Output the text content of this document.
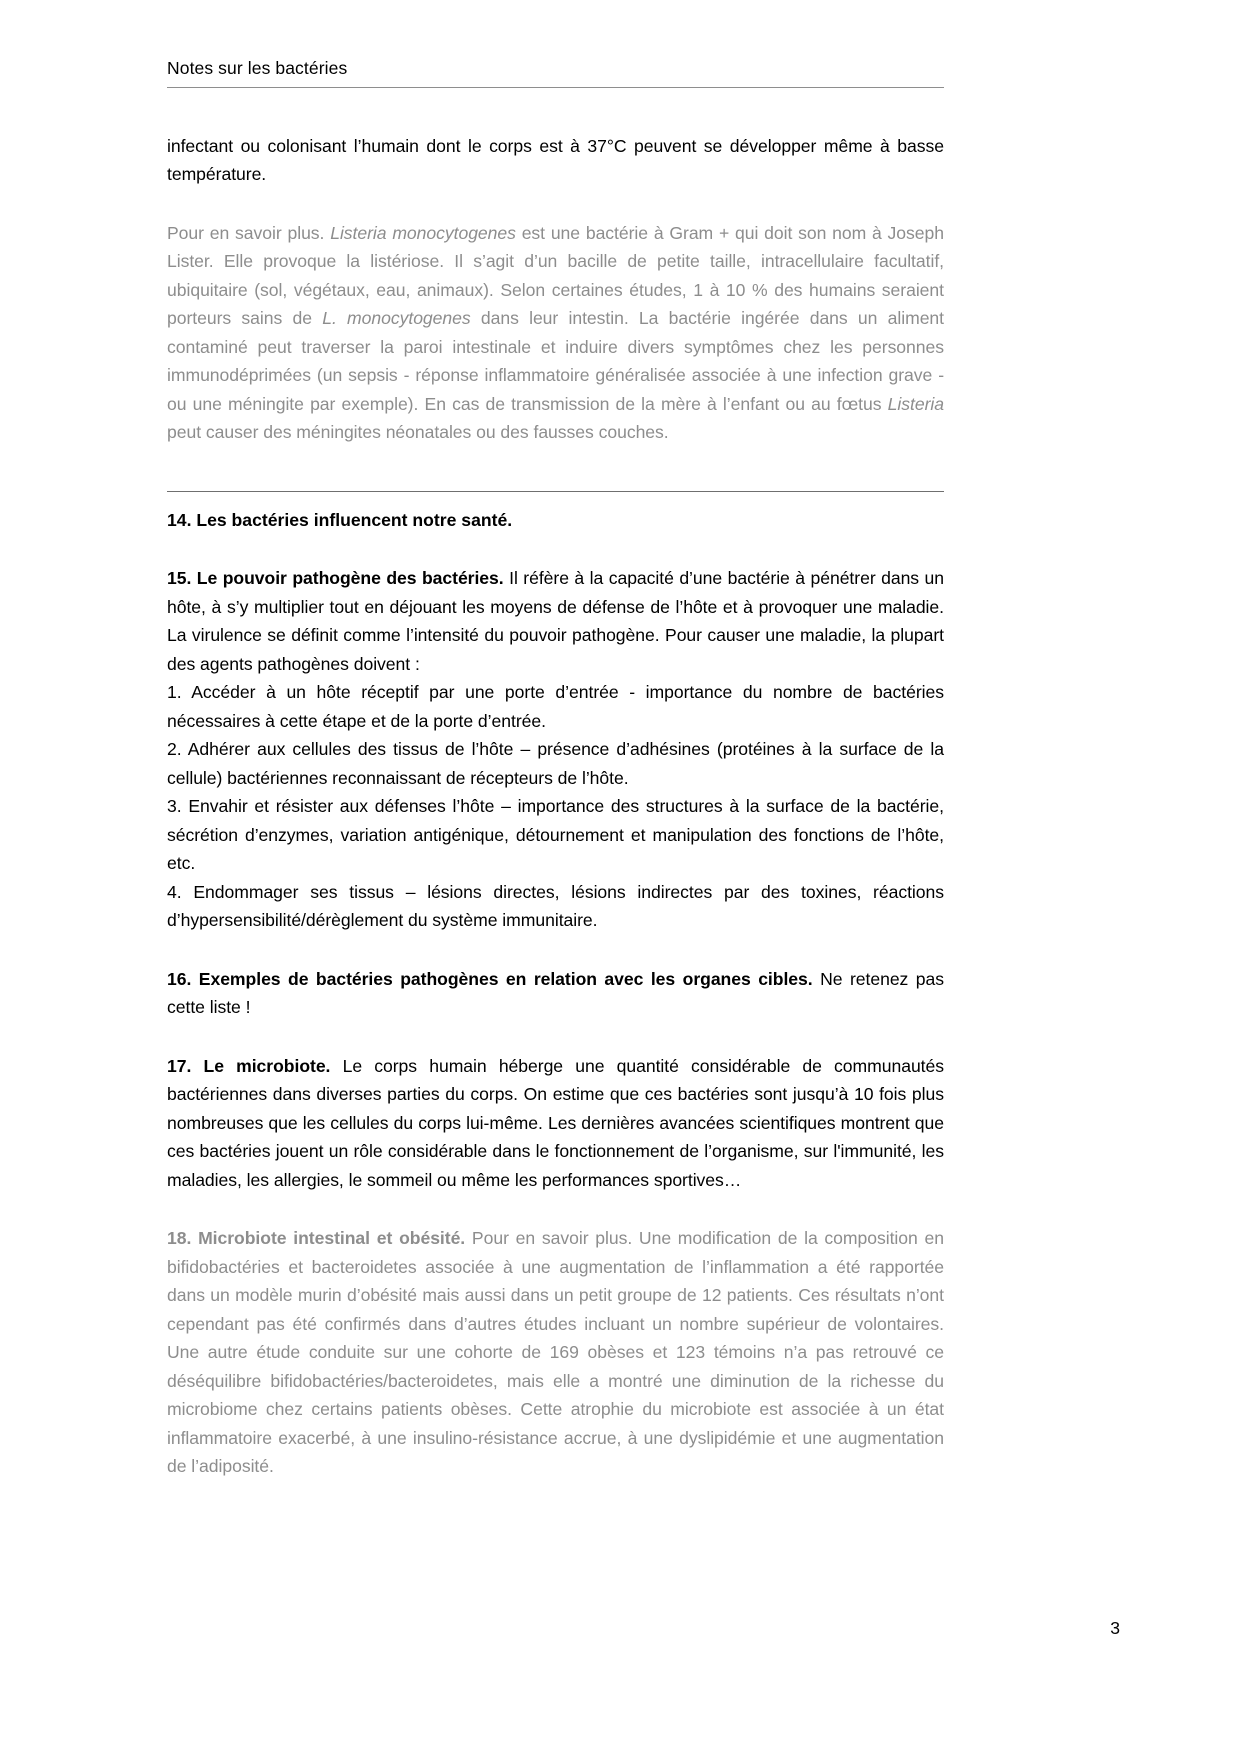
Notes sur les bactéries

infectant ou colonisant l’humain dont le corps est à 37°C peuvent se développer même à basse température.

Pour en savoir plus. Listeria monocytogenes est une bactérie à Gram + qui doit son nom à Joseph Lister. Elle provoque la listériose. Il s’agit d’un bacille de petite taille, intracellulaire facultatif, ubiquitaire (sol, végétaux, eau, animaux). Selon certaines études, 1 à 10 % des humains seraient porteurs sains de L. monocytogenes dans leur intestin. La bactérie ingérée dans un aliment contaminé peut traverser la paroi intestinale et induire divers symptômes chez les personnes immunodéprimées (un sepsis - réponse inflammatoire généralisée associée à une infection grave - ou une méningite par exemple). En cas de transmission de la mère à l’enfant ou au fœtus Listeria peut causer des méningites néonatales ou des fausses couches.

14. Les bactéries influencent notre santé.

15. Le pouvoir pathogène des bactéries. Il réfère à la capacité d’une bactérie à pénétrer dans un hôte, à s’y multiplier tout en déjouant les moyens de défense de l’hôte et à provoquer une maladie. La virulence se définit comme l’intensité du pouvoir pathogène. Pour causer une maladie, la plupart des agents pathogènes doivent :

1. Accéder à un hôte réceptif par une porte d’entrée - importance du nombre de bactéries nécessaires à cette étape et de la porte d’entrée.

2. Adhérer aux cellules des tissus de l’hôte – présence d’adhésines (protéines à la surface de la cellule) bactériennes reconnaissant de récepteurs de l’hôte.

3. Envahir et résister aux défenses l’hôte – importance des structures à la surface de la bactérie, sécrétion d’enzymes, variation antigénique, détournement et manipulation des fonctions de l’hôte, etc.

4. Endommager ses tissus – lésions directes, lésions indirectes par des toxines, réactions d’hypersensibilité/dérèglement du système immunitaire.

16. Exemples de bactéries pathogènes en relation avec les organes cibles. Ne retenez pas cette liste !

17. Le microbiote. Le corps humain héberge une quantité considérable de communautés bactériennes dans diverses parties du corps. On estime que ces bactéries sont jusqu’à 10 fois plus nombreuses que les cellules du corps lui-même. Les dernières avancées scientifiques montrent que ces bactéries jouent un rôle considérable dans le fonctionnement de l’organisme, sur l'immunité, les maladies, les allergies, le sommeil ou même les performances sportives…

18. Microbiote intestinal et obésité. Pour en savoir plus. Une modification de la composition en bifidobactéries et bacteroidetes associée à une augmentation de l’inflammation a été rapportée dans un modèle murin d’obésité mais aussi dans un petit groupe de 12 patients. Ces résultats n’ont cependant pas été confirmés dans d’autres études incluant un nombre supérieur de volontaires. Une autre étude conduite sur une cohorte de 169 obèses et 123 témoins n’a pas retrouvé ce déséquilibre bifidobactéries/bacteroidetes, mais elle a montré une diminution de la richesse du microbiome chez certains patients obèses. Cette atrophie du microbiote est associée à un état inflammatoire exacerbé, à une insulino-résistance accrue, à une dyslipidémie et une augmentation de l’adiposité.

3
